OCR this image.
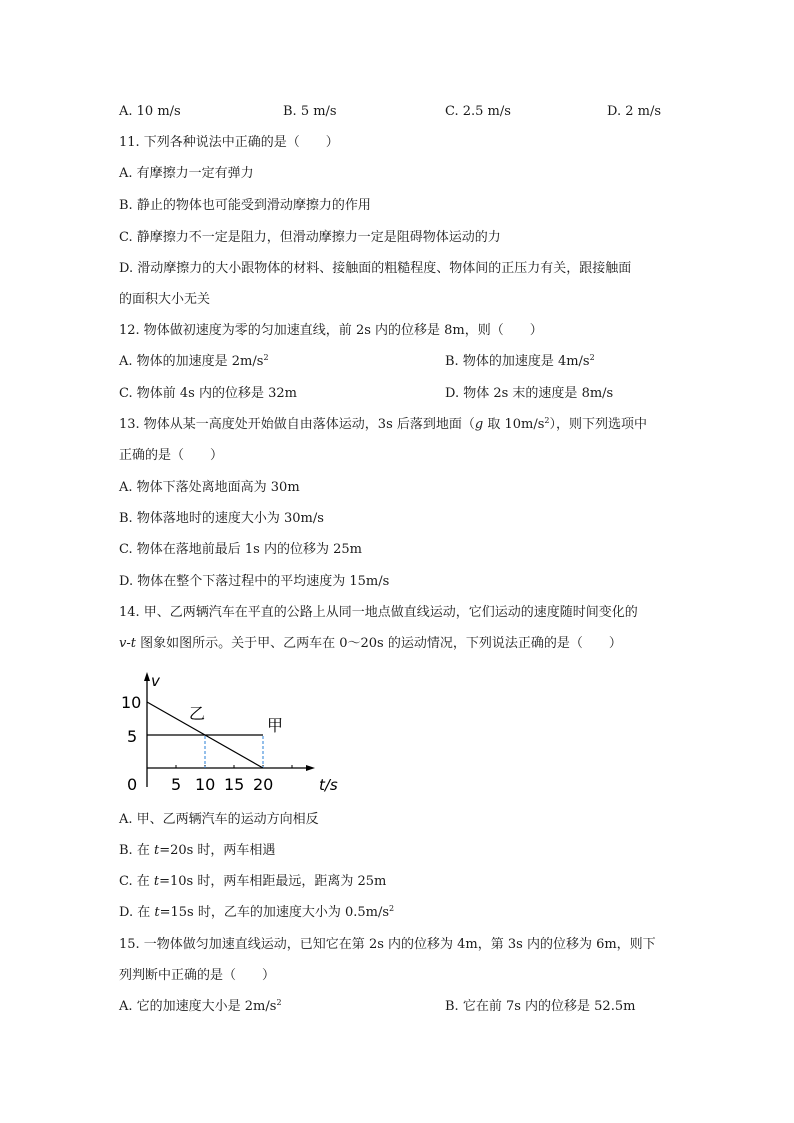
A. 10 m/s	B. 5 m/s	C. 2.5 m/s	D. 2 m/s
11. 下列各种说法中正确的是（　　）
A. 有摩擦力一定有弹力
B. 静止的物体也可能受到滑动摩擦力的作用
C. 静摩擦力不一定是阻力，但滑动摩擦力一定是阻碍物体运动的力
D. 滑动摩擦力的大小跟物体的材料、接触面的粗糙程度、物体间的正压力有关，跟接触面
的面积大小无关
12. 物体做初速度为零的匀加速直线，前 2s 内的位移是 8m，则（　　）
A. 物体的加速度是 $2m/s^2$	B. 物体的加速度是 $4m/s^2$
C. 物体前 4s 内的位移是 32m	D. 物体 2s 末的速度是 8m/s
13. 物体从某一高度处开始做自由落体运动，3s 后落到地面（g 取 $10m/s^2$），则下列选项中
正确的是（　　）
A. 物体下落处离地面高为 30m
B. 物体落地时的速度大小为 30m/s
C. 物体在落地前最后 1s 内的位移为 25m
D. 物体在整个下落过程中的平均速度为 15m/s
14. 甲、乙两辆汽车在平直的公路上从同一地点做直线运动，它们运动的速度随时间变化的
v-t 图象如图所示。关于甲、乙两车在 0～20s 的运动情况，下列说法正确的是（　　）
v
10
5
0 5 10 15 20	t/s
乙
甲
A. 甲、乙两辆汽车的运动方向相反
B. 在 t=20s 时，两车相遇
C. 在 t=10s 时，两车相距最远，距离为 25m
D. 在 t=15s 时，乙车的加速度大小为 $0.5m/s^2$
15. 一物体做匀加速直线运动，已知它在第 2s 内的位移为 4m，第 3s 内的位移为 6m，则下
列判断中正确的是（　　）
A. 它的加速度大小是 $2m/s^2$	B. 它在前 7s 内的位移是 52.5m
